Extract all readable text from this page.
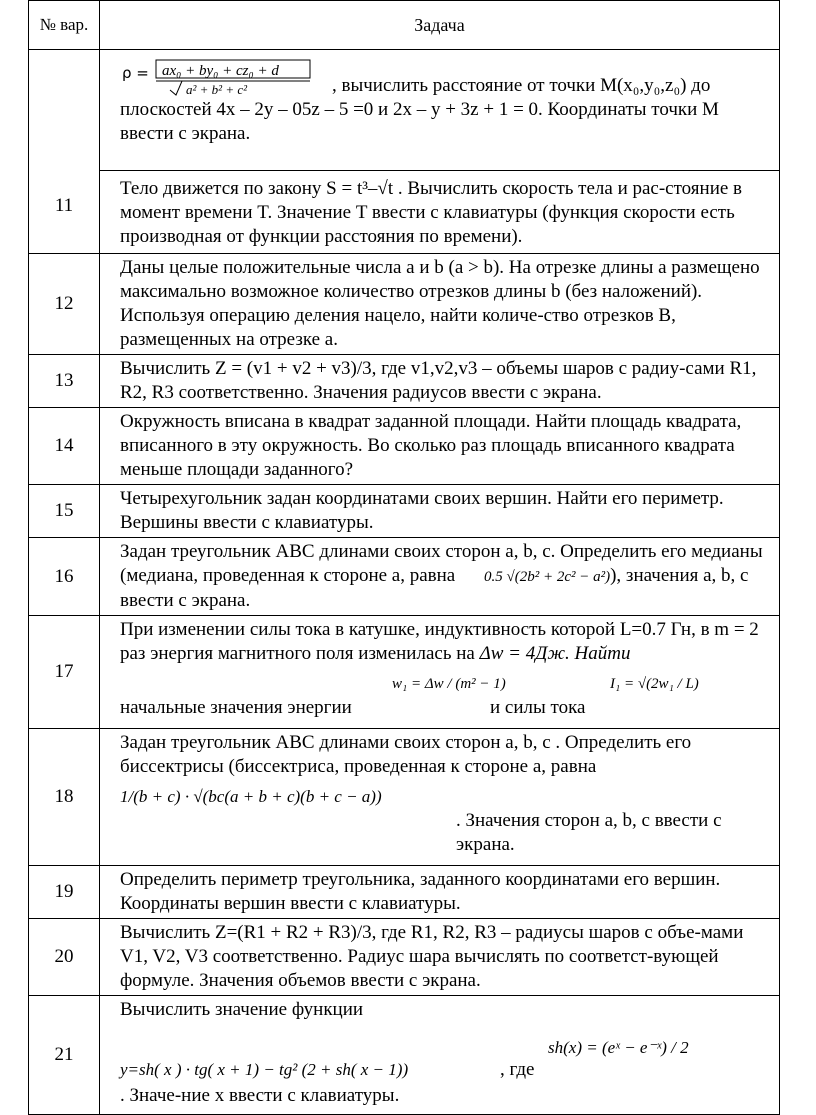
№ вар.	Задача
11	ρ = ax₀ + by₀ + cz₀ + d
a² + b² + c² , вычислить расстояние от точки M(x₀,y₀,z₀) до плоскостей 4x – 2y – 05z – 5 =0 и 2x – y + 3z + 1 = 0. Координаты точки M ввести с экрана.

	Тело движется по закону S = t³–√t . Вычислить скорость тела и рас-стояние в момент времени T. Значение T ввести с клавиатуры (функция скорости есть производная от функции расстояния по времени).
12	Даны целые положительные числа a и b (a > b). На отрезке длины a размещено максимально возможное количество отрезков длины b (без наложений). Используя операцию деления нацело, найти количе-ство отрезков B, размещенных на отрезке a.
13	Вычислить Z = (v1 + v2 + v3)/3, где v1,v2,v3 – объемы шаров с радиу-сами R1, R2, R3 соответственно. Значения радиусов ввести с экрана.
14	Окружность вписана в квадрат заданной площади. Найти площадь квадрата, вписанного в эту окружность. Во сколько раз площадь вписанного квадрата меньше площади заданного?
15	Четырехугольник задан координатами своих вершин. Найти его периметр. Вершины ввести с клавиатуры.
16	Задан треугольник ABC длинами своих сторон a, b, c. Определить его медианы (медиана, проведенная к стороне a, равна 0.5 √(2b² + 2c² − a²)), значения a, b, c ввести с экрана.
17	При изменении силы тока в катушке, индуктивность которой L=0.7 Гн, в m = 2 раз энергия магнитного поля изменилась на Δw = 4Дж. Найти
w₁ = Δw / (m² − 1) I₁ = √(2w₁ / L)
начальные значения энергии и силы тока

18	Задан треугольник ABC длинами своих сторон a, b, c . Определить его биссектрисы (биссектриса, проведенная к стороне a, равна
1/(b + c) · √(bc(a + b + c)(b + c − a))
. Значения сторон a, b, c ввести с экрана.

19	Определить периметр треугольника, заданного координатами его вершин. Координаты вершин ввести с клавиатуры.
20	Вычислить Z=(R1 + R2 + R3)/3, где R1, R2, R3 – радиусы шаров с объе-мами V1, V2, V3 соответственно. Радиус шара вычислять по соответст-вующей формуле. Значения объемов ввести с экрана.
21	Вычислить значение функции
y=sh( x ) · tg( x + 1) − tg² (2 + sh( x − 1)) , где
sh(x) = (eˣ − e⁻ˣ) / 2
. Значе-ние x ввести с клавиатуры.
